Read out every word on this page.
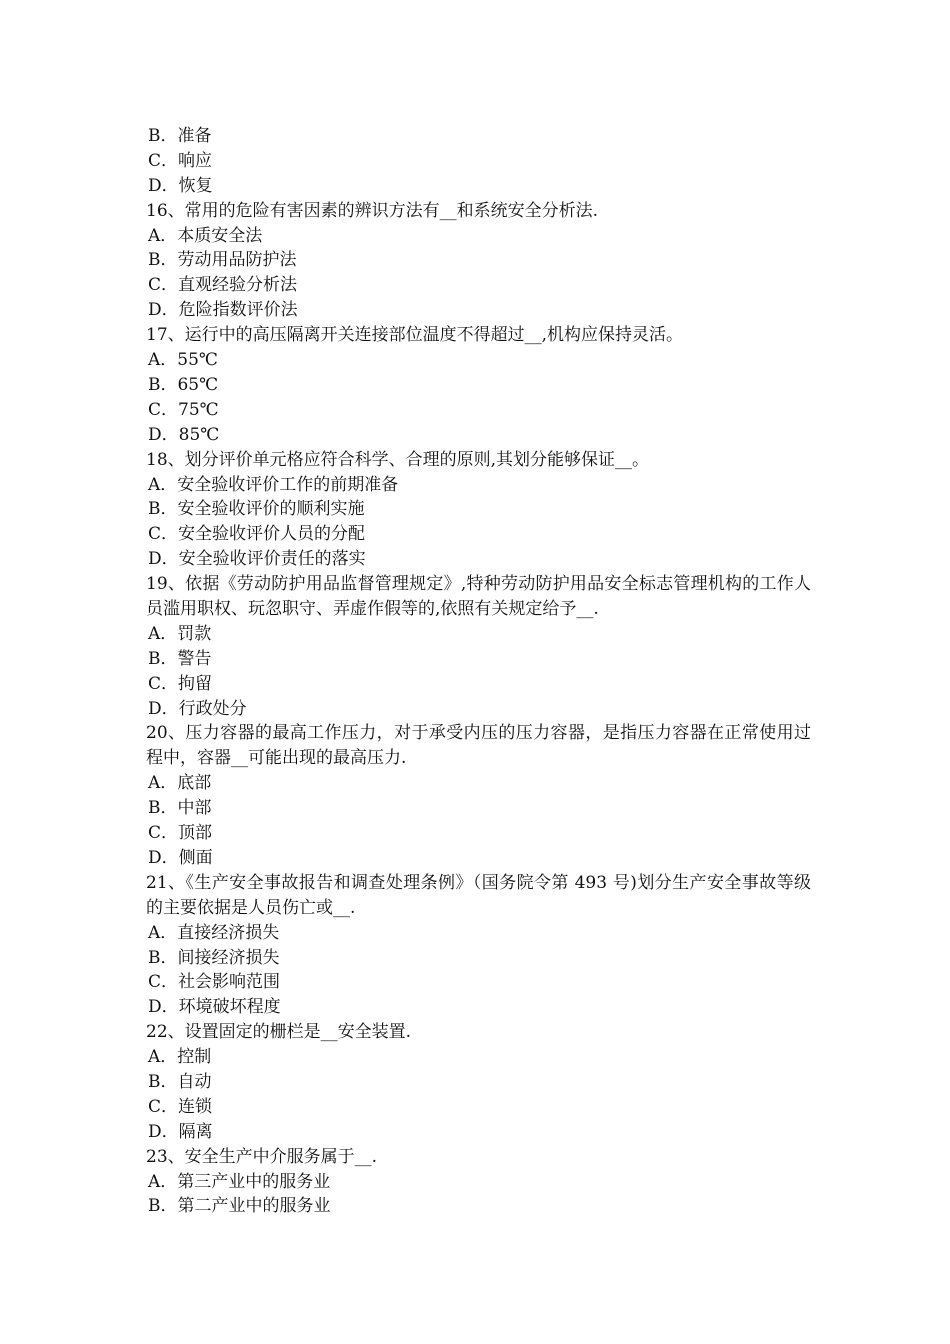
B．准备
C．响应
D．恢复
16、常用的危险有害因素的辨识方法有__和系统安全分析法.
A．本质安全法
B．劳动用品防护法
C．直观经验分析法
D．危险指数评价法
17、运行中的高压隔离开关连接部位温度不得超过__,机构应保持灵活。
A．55℃
B．65℃
C．75℃
D．85℃
18、划分评价单元格应符合科学、合理的原则,其划分能够保证__。
A．安全验收评价工作的前期准备
B．安全验收评价的顺利实施
C．安全验收评价人员的分配
D．安全验收评价责任的落实
19、依据《劳动防护用品监督管理规定》,特种劳动防护用品安全标志管理机构的工作人员滥用职权、玩忽职守、弄虚作假等的,依照有关规定给予__.
A．罚款
B．警告
C．拘留
D．行政处分
20、压力容器的最高工作压力，对于承受内压的压力容器，是指压力容器在正常使用过程中，容器__可能出现的最高压力.
A．底部
B．中部
C．顶部
D．侧面
21、《生产安全事故报告和调查处理条例》（国务院令第 493 号)划分生产安全事故等级的主要依据是人员伤亡或__.
A．直接经济损失
B．间接经济损失
C．社会影响范围
D．环境破坏程度
22、设置固定的栅栏是__安全装置.
A．控制
B．自动
C．连锁
D．隔离
23、安全生产中介服务属于__.
A．第三产业中的服务业
B．第二产业中的服务业
